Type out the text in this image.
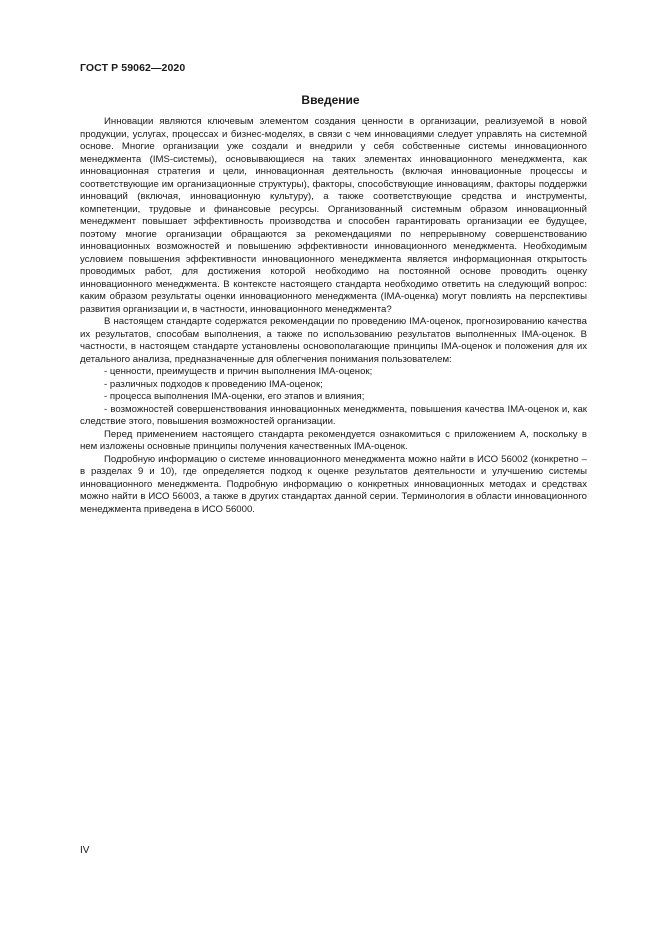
ГОСТ Р 59062—2020
Введение

Инновации являются ключевым элементом создания ценности в организации, реализуемой в новой продукции, услугах, процессах и бизнес-моделях, в связи с чем инновациями следует управлять на системной основе. Многие организации уже создали и внедрили у себя собственные системы инновационного менеджмента (IMS-системы), основывающиеся на таких элементах инновационного менеджмента, как инновационная стратегия и цели, инновационная деятельность (включая инновационные процессы и соответствующие им организационные структуры), факторы, способствующие инновациям, факторы поддержки инноваций (включая, инновационную культуру), а также соответствующие средства и инструменты, компетенции, трудовые и финансовые ресурсы. Организованный системным образом инновационный менеджмент повышает эффективность производства и способен гарантировать организации ее будущее, поэтому многие организации обращаются за рекомендациями по непрерывному совершенствованию инновационных возможностей и повышению эффективности инновационного менеджмента. Необходимым условием повышения эффективности инновационного менеджмента является информационная открытость проводимых работ, для достижения которой необходимо на постоянной основе проводить оценку инновационного менеджмента. В контексте настоящего стандарта необходимо ответить на следующий вопрос: каким образом результаты оценки инновационного менеджмента (IMA-оценка) могут повлиять на перспективы развития организации и, в частности, инновационного менеджмента?

В настоящем стандарте содержатся рекомендации по проведению IMA-оценок, прогнозированию качества их результатов, способам выполнения, а также по использованию результатов выполненных IMA-оценок. В частности, в настоящем стандарте установлены основополагающие принципы IMA-оценок и положения для их детального анализа, предназначенные для облегчения понимания пользователем:

- ценности, преимуществ и причин выполнения IMA-оценок;
- различных подходов к проведению IMA-оценок;
- процесса выполнения IMA-оценки, его этапов и влияния;
- возможностей совершенствования инновационных менеджмента, повышения качества IMA-оценок и, как следствие этого, повышения возможностей организации.

Перед применением настоящего стандарта рекомендуется ознакомиться с приложением А, поскольку в нем изложены основные принципы получения качественных IMA-оценок.

Подробную информацию о системе инновационного менеджмента можно найти в ИСО 56002 (конкретно – в разделах 9 и 10), где определяется подход к оценке результатов деятельности и улучшению системы инновационного менеджмента. Подробную информацию о конкретных инновационных методах и средствах можно найти в ИСО 56003, а также в других стандартах данной серии. Терминология в области инновационного менеджмента приведена в ИСО 56000.

IV
